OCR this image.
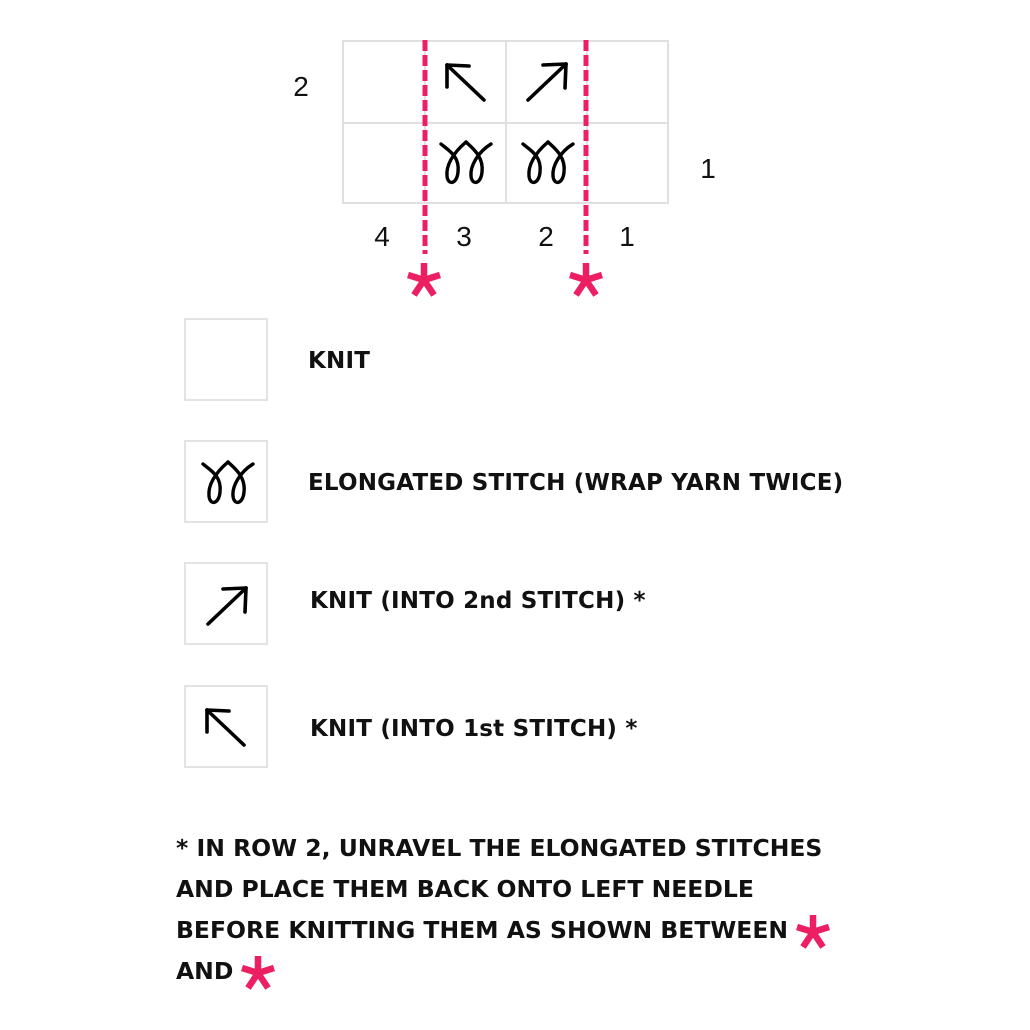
2
1
4 3 2 1
KNIT
ELONGATED STITCH (WRAP YARN TWICE)
KNIT (INTO 2nd STITCH) *
KNIT (INTO 1st STITCH) *
* IN ROW 2, UNRAVEL THE ELONGATED STITCHES
AND PLACE THEM BACK ONTO LEFT NEEDLE
BEFORE KNITTING THEM AS SHOWN BETWEEN
AND
